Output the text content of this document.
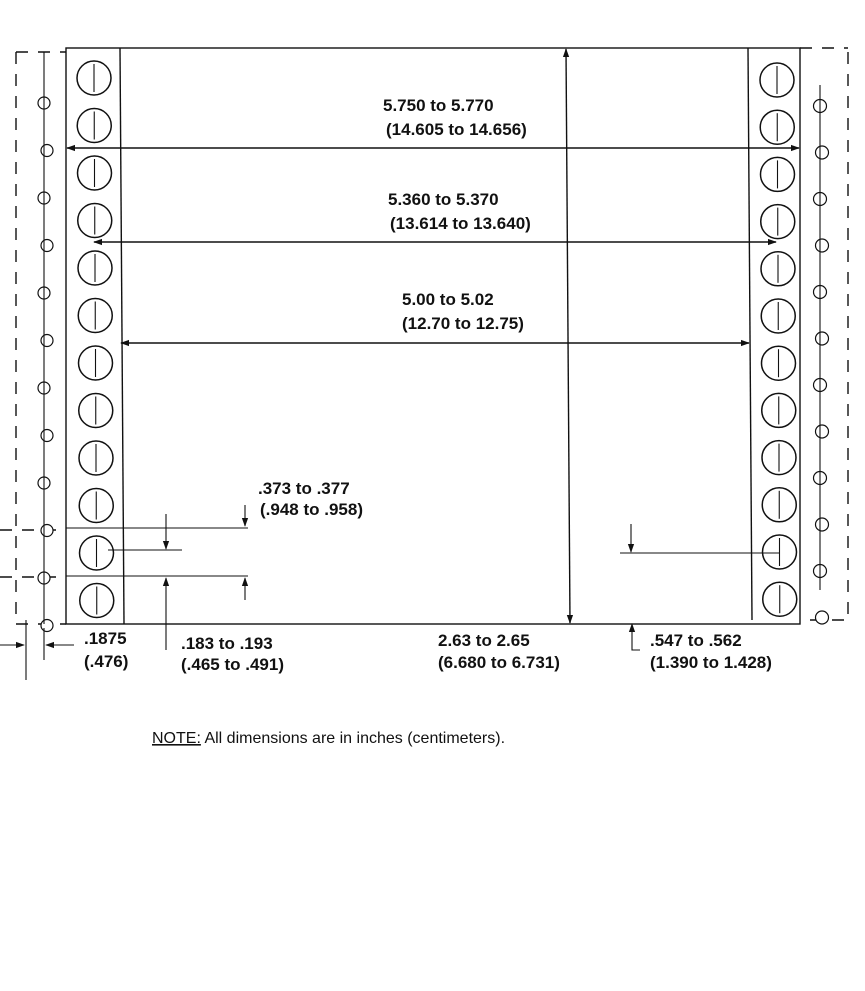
5.750 to 5.770
(14.605 to 14.656)
5.360 to 5.370
(13.614 to 13.640)
5.00 to 5.02
(12.70 to 12.75)
.373 to .377
(.948 to .958)
.1875
(.476)
.183 to .193
(.465 to .491)
2.63 to 2.65
(6.680 to 6.731)
.547 to .562
(1.390 to 1.428)
NOTE: All dimensions are in inches (centimeters).
